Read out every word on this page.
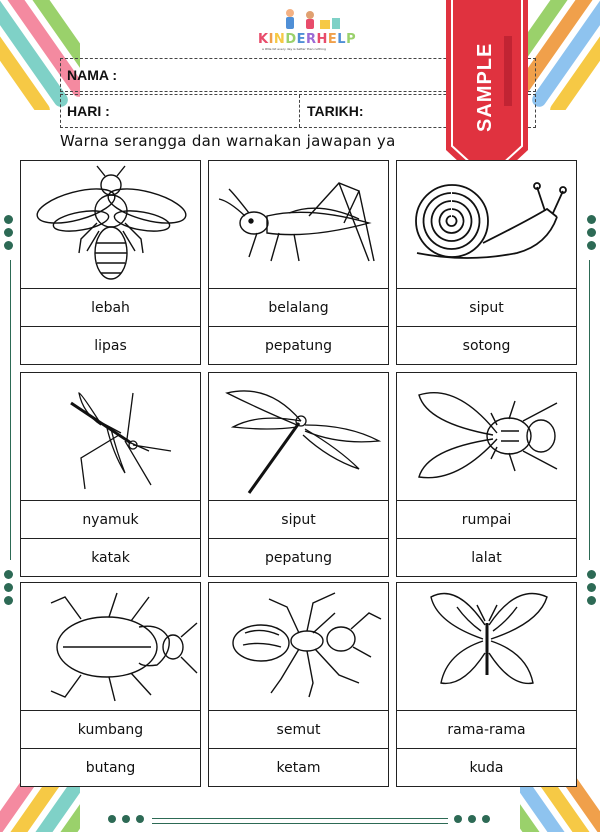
KINDERHELP
a little bit every day is better than nothing
NAMA :
HARI :	TARIKH:
Warna serangga dan warnakan jawapan ya
SAMPLE
lebah
lipas
belalang
pepatung
siput
sotong
nyamuk
katak
siput
pepatung
rumpai
lalat
kumbang
butang
semut
ketam
rama-rama
kuda
